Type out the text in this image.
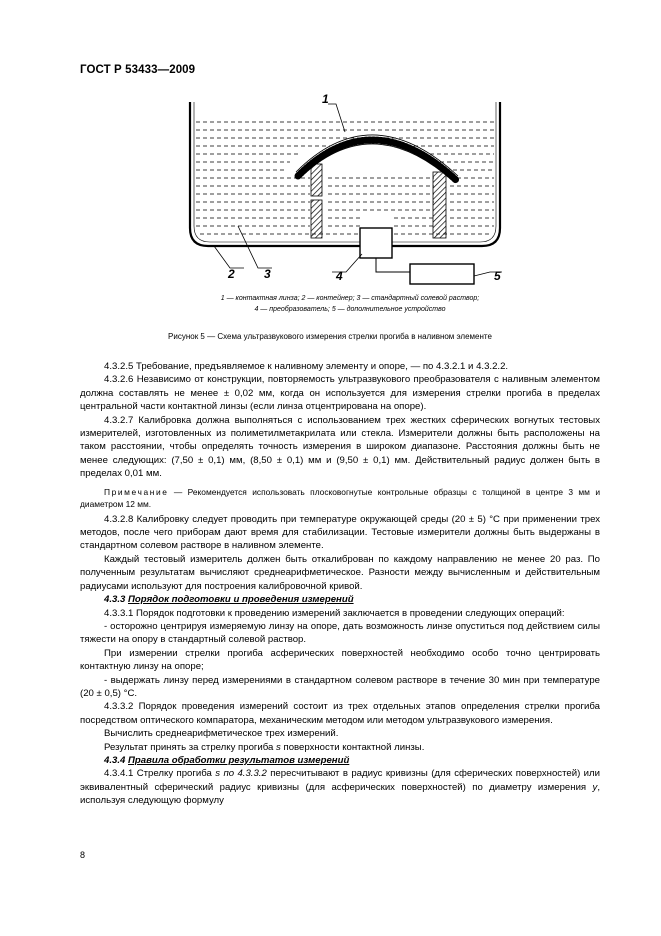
ГОСТ Р 53433—2009
1
2 3	4	5
1 — контактная линза; 2 — контейнер; 3 — стандартный солевой раствор;
4 — преобразователь; 5 — дополнительное устройство
Рисунок 5 — Схема ультразвукового измерения стрелки прогиба в наливном элементе

4.3.2.5 Требование, предъявляемое к наливному элементу и опоре, — по 4.3.2.1 и 4.3.2.2.

4.3.2.6 Независимо от конструкции, повторяемость ультразвукового преобразователя с наливным элементом должна составлять не менее ± 0,02 мм, когда он используется для измерения стрелки прогиба в пределах центральной части контактной линзы (если линза отцентрирована на опоре).

4.3.2.7 Калибровка должна выполняться с использованием трех жестких сферических вогнутых тестовых измерителей, изготовленных из полиметилметакрилата или стекла. Измерители должны быть расположены на таком расстоянии, чтобы определять точность измерения в широком диапазоне. Расстояния должны быть не менее следующих: (7,50 ± 0,1) мм, (8,50 ± 0,1) мм и (9,50 ± 0,1) мм. Действительный радиус должен быть в пределах 0,01 мм.

Примечание — Рекомендуется использовать плосковогнутые контрольные образцы с толщиной в центре 3 мм и диаметром 12 мм.

4.3.2.8 Калибровку следует проводить при температуре окружающей среды (20 ± 5) °С при применении трех методов, после чего приборам дают время для стабилизации. Тестовые измерители должны быть выдержаны в стандартном солевом растворе в наливном элементе.

Каждый тестовый измеритель должен быть откалиброван по каждому направлению не менее 20 раз. По полученным результатам вычисляют среднеарифметическое. Разности между вычисленным и действительным радиусами используют для построения калибровочной кривой.

4.3.3 Порядок подготовки и проведения измерений

4.3.3.1 Порядок подготовки к проведению измерений заключается в проведении следующих операций:

- осторожно центрируя измеряемую линзу на опоре, дать возможность линзе опуститься под действием силы тяжести на опору в стандартный солевой раствор.

При измерении стрелки прогиба асферических поверхностей необходимо особо точно центрировать контактную линзу на опоре;

- выдержать линзу перед измерениями в стандартном солевом растворе в течение 30 мин при температуре (20 ± 0,5) °С.

4.3.3.2 Порядок проведения измерений состоит из трех отдельных этапов определения стрелки прогиба посредством оптического компаратора, механическим методом или методом ультразвукового измерения.

Вычислить среднеарифметическое трех измерений.

Результат принять за стрелку прогиба s поверхности контактной линзы.

4.3.4 Правила обработки результатов измерений

4.3.4.1 Стрелку прогиба s по 4.3.3.2 пересчитывают в радиус кривизны (для сферических поверхностей) или эквивалентный сферический радиус кривизны (для асферических поверхностей) по диаметру измерения y, используя следующую формулу

8
